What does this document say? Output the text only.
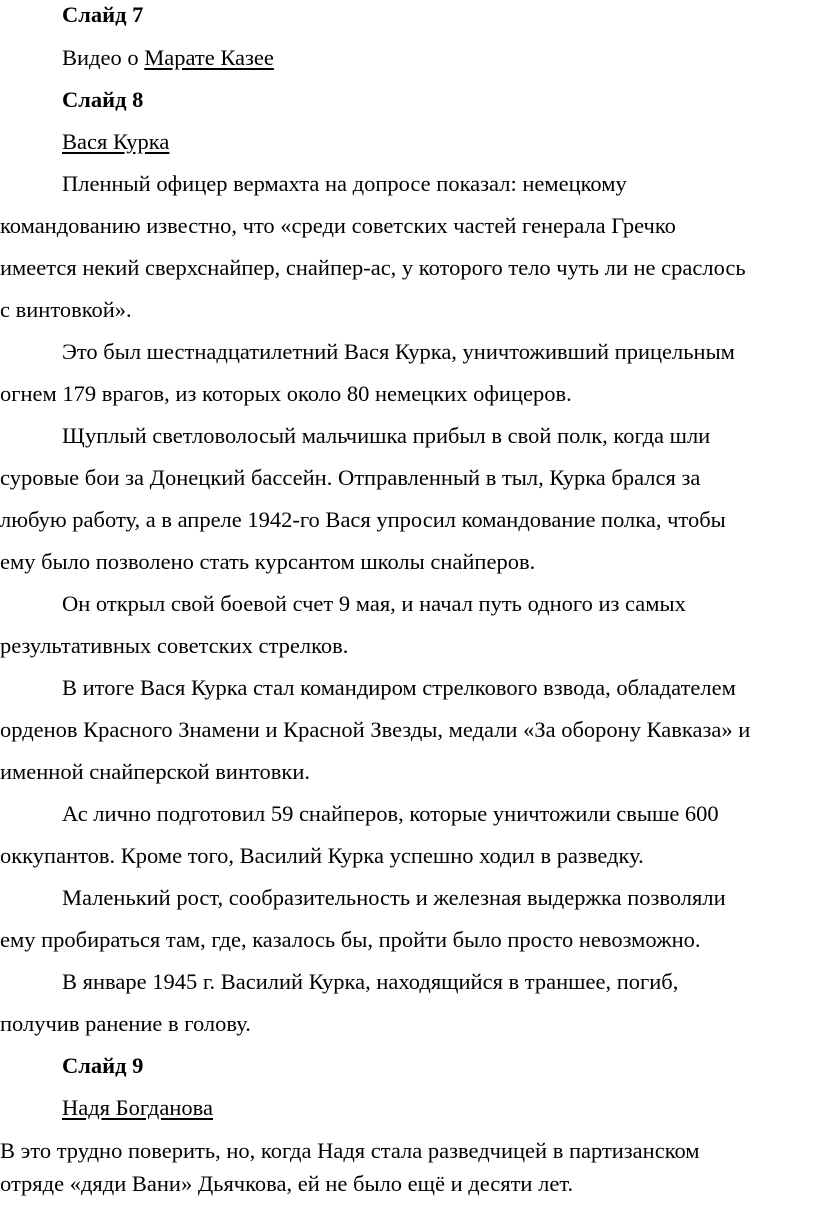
Слайд 7
Видео о Марате Казее
Слайд 8
Вася Курка
Пленный офицер вермахта на допросе показал: немецкому
командованию известно, что «среди советских частей генерала Гречко
имеется некий сверхснайпер, снайпер-ас, у которого тело чуть ли не сраслось
с винтовкой».
Это был шестнадцатилетний Вася Курка, уничтоживший прицельным
огнем 179 врагов, из которых около 80 немецких офицеров.
Щуплый светловолосый мальчишка прибыл в свой полк, когда шли
суровые бои за Донецкий бассейн. Отправленный в тыл, Курка брался за
любую работу, а в апреле 1942-го Вася упросил командование полка, чтобы
ему было позволено стать курсантом школы снайперов.
Он открыл свой боевой счет 9 мая, и начал путь одного из самых
результативных советских стрелков.
В итоге Вася Курка стал командиром стрелкового взвода, обладателем
орденов Красного Знамени и Красной Звезды, медали «За оборону Кавказа» и
именной снайперской винтовки.
Ас лично подготовил 59 снайперов, которые уничтожили свыше 600
оккупантов. Кроме того, Василий Курка успешно ходил в разведку.
Маленький рост, сообразительность и железная выдержка позволяли
ему пробираться там, где, казалось бы, пройти было просто невозможно.
В январе 1945 г. Василий Курка, находящийся в траншее, погиб,
получив ранение в голову.
Слайд 9
Надя Богданова
В это трудно поверить, но, когда Надя стала разведчицей в партизанском
отряде «дяди Вани» Дьячкова, ей не было ещё и десяти лет.
